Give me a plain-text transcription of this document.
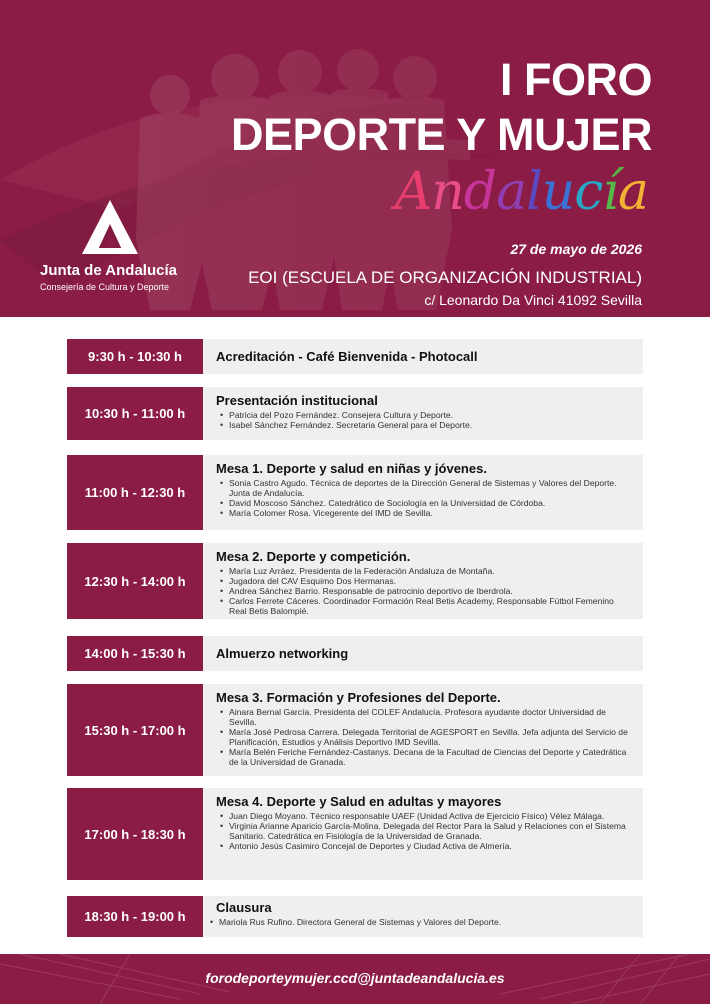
I FORO
DEPORTE Y MUJER
Andalucía
Junta de Andalucía
Consejería de Cultura y Deporte
27 de mayo de 2026
EOI (ESCUELA DE ORGANIZACIÓN INDUSTRIAL)
c/ Leonardo Da Vinci 41092 Sevilla
9:30 h - 10:30 h	Acreditación - Café Bienvenida - Photocall
10:30 h - 11:00 h
Presentación institucional
• Patricia del Pozo Fernández. Consejera Cultura y Deporte.
• Isabel Sánchez Fernández. Secretaria General para el Deporte.
11:00 h - 12:30 h
Mesa 1. Deporte y salud en niñas y jóvenes.
• Sonia Castro Agudo. Técnica de deportes de la Dirección General de Sistemas y Valores del Deporte. Junta de Andalucía.
• David Moscoso Sánchez. Catedrático de Sociología en la Universidad de Córdoba.
• María Colomer Rosa. Vicegerente del IMD de Sevilla.
12:30 h - 14:00 h
Mesa 2. Deporte y competición.
• María Luz Arráez. Presidenta de la Federación Andaluza de Montaña.
• Jugadora del CAV Esquimo Dos Hermanas.
• Andrea Sánchez Barrio. Responsable de patrocinio deportivo de Iberdrola.
• Carlos Ferrete Cáceres. Coordinador Formación Real Betis Academy, Responsable Fútbol Femenino Real Betis Balompié.
14:00 h - 15:30 h	Almuerzo networking
15:30 h - 17:00 h
Mesa 3. Formación y Profesiones del Deporte.
• Ainara Bernal García. Presidenta del COLEF Andalucía. Profesora ayudante doctor Universidad de Sevilla.
• María José Pedrosa Carrera. Delegada Territorial de AGESPORT en Sevilla. Jefa adjunta del Servicio de Planificación, Estudios y Análisis Deportivo IMD Sevilla.
• María Belén Feriche Fernández-Castanys. Decana de la Facultad de Ciencias del Deporte y Catedrática de la Universidad de Granada.
17:00 h - 18:30 h
Mesa 4. Deporte y Salud en adultas y mayores
• Juan Diego Moyano. Técnico responsable UAEF (Unidad Activa de Ejercicio Físico) Vélez Málaga.
• Virginia Arianne Aparicio García-Molina. Delegada del Rector Para la Salud y Relaciones con el Sistema Sanitario. Catedrática en Fisiología de la Universidad de Granada.
• Antonio Jesús Casimiro Concejal de Deportes y Ciudad Activa de Almería.
18:30 h - 19:00 h
Clausura
• Mariola Rus Rufino. Directora General de Sistemas y Valores del Deporte.
forodeporteymujer.ccd@juntadeandalucia.es
